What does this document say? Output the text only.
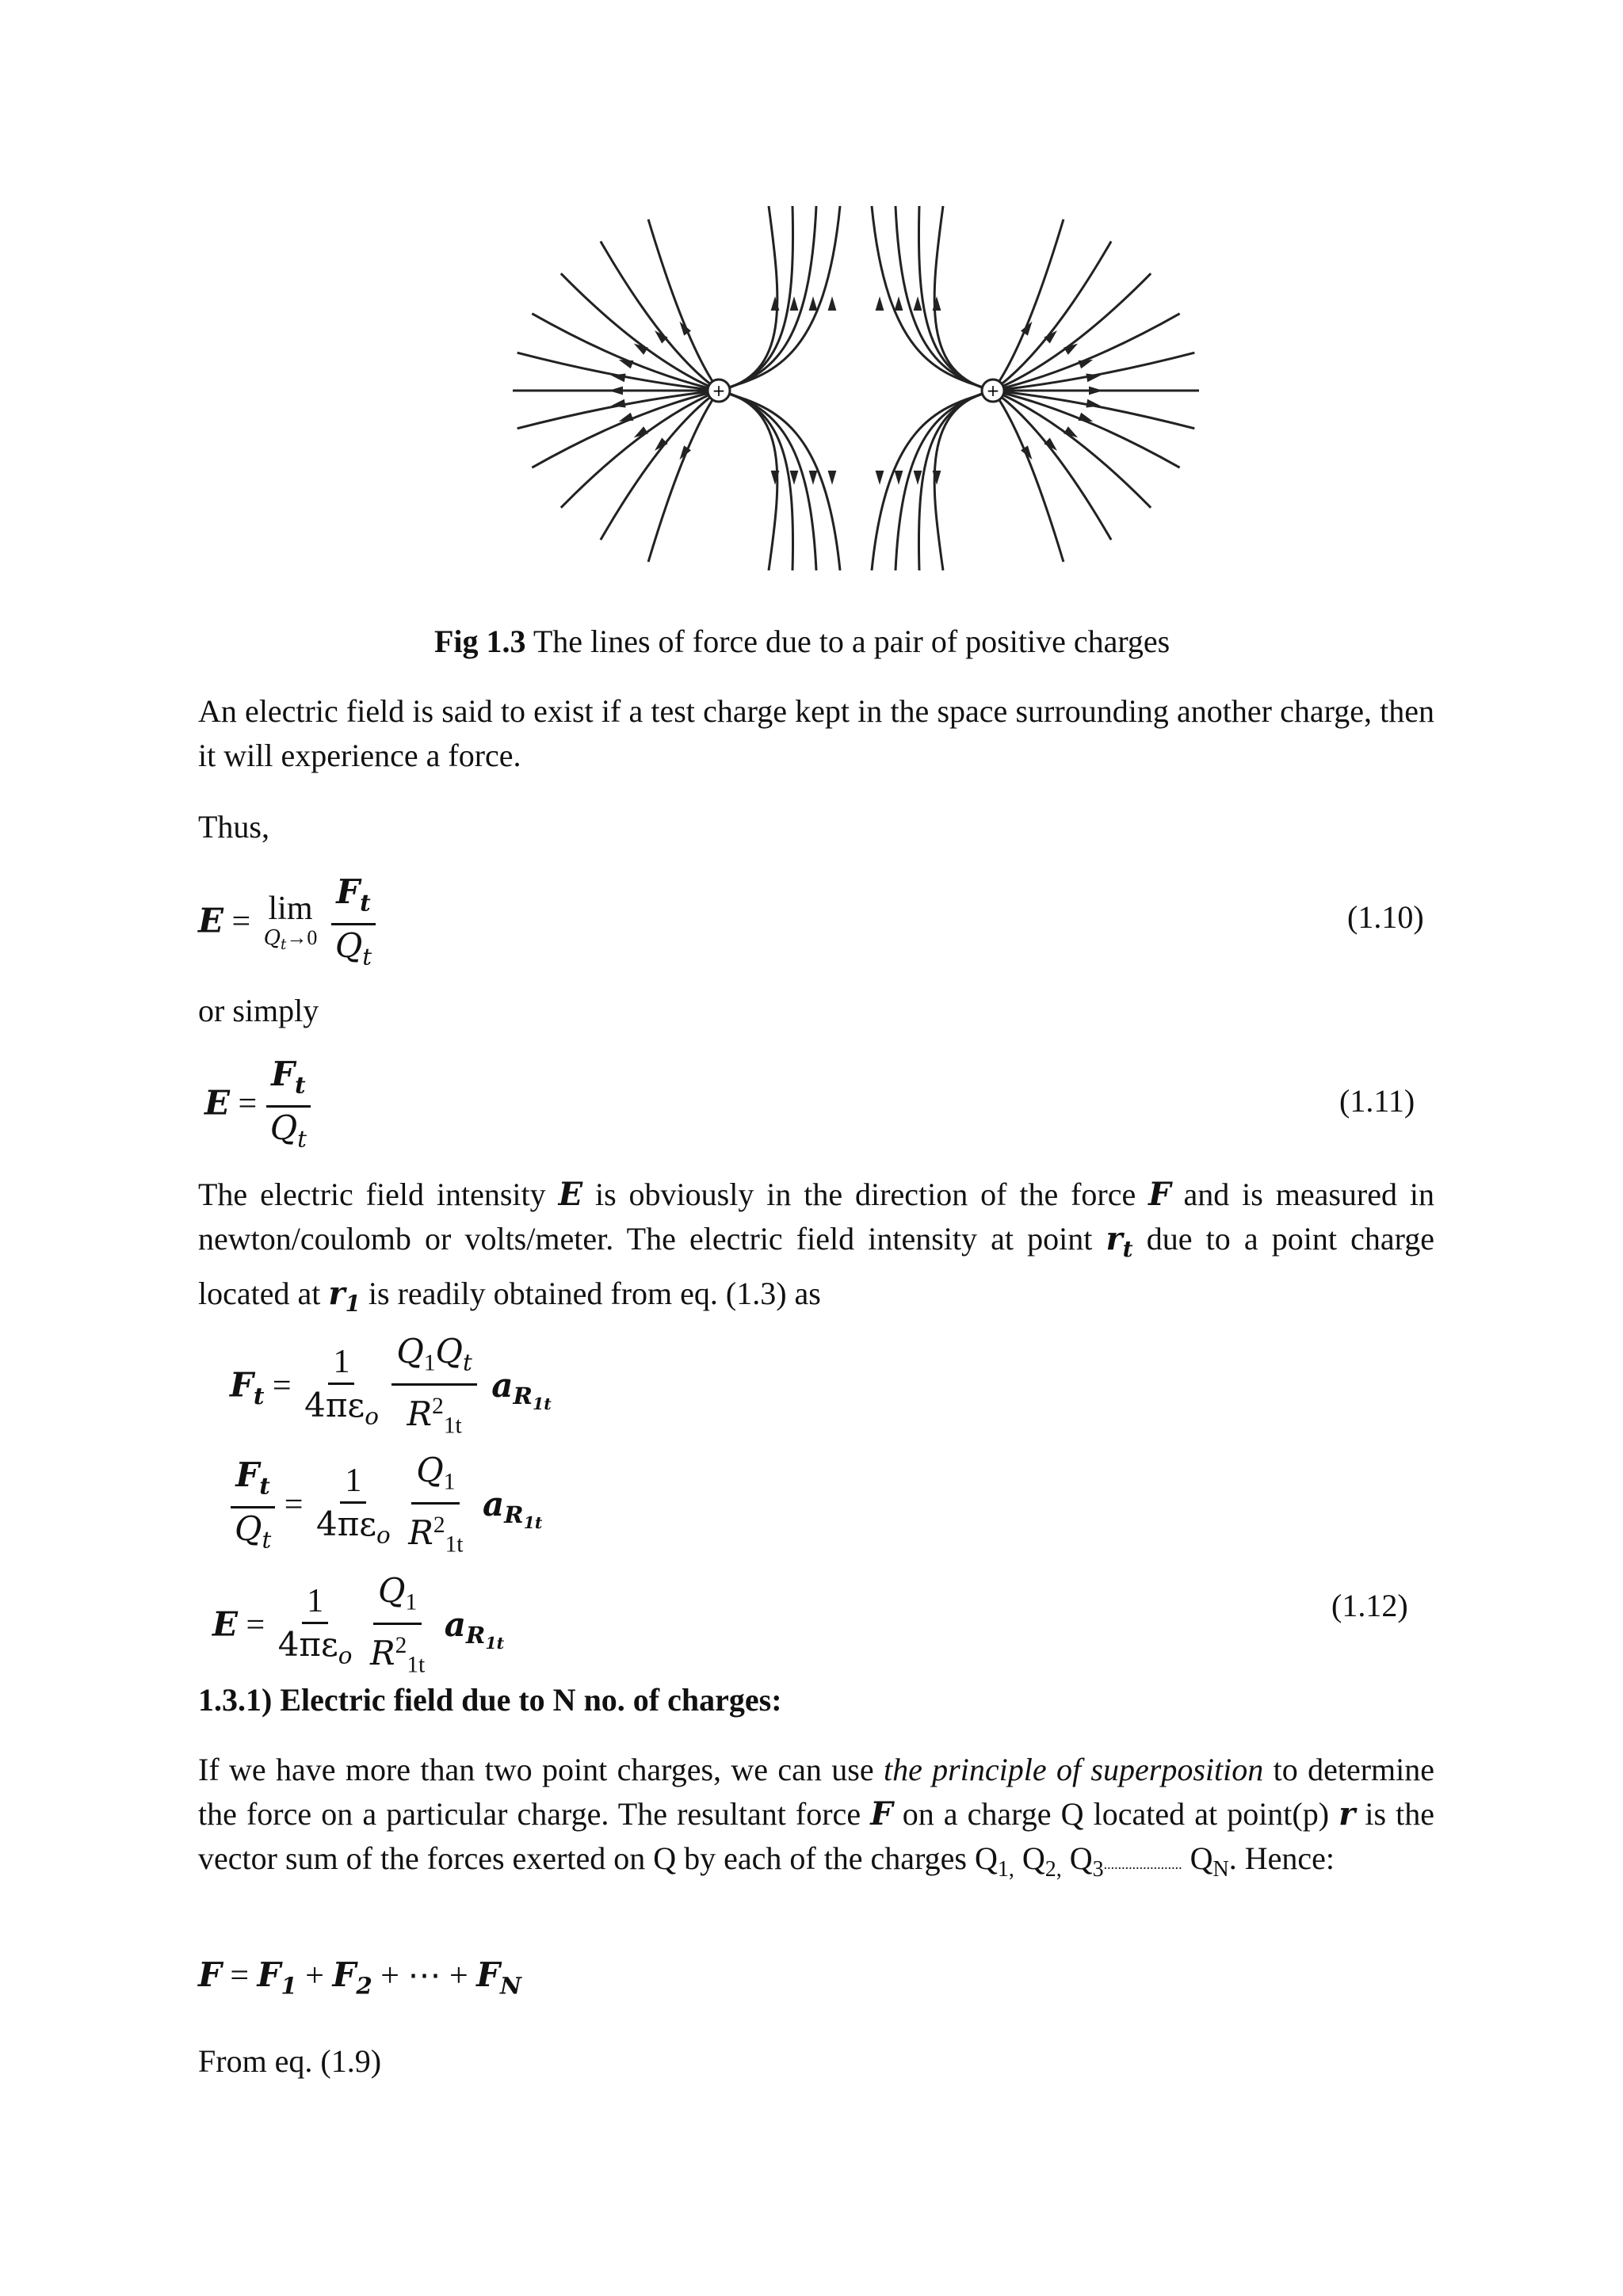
+	+
Fig 1.3 The lines of force due to a pair of positive charges
An electric field is said to exist if a test charge kept in the space surrounding another charge, then it will experience a force.
Thus,
E = lim
$Q_t\to 0$
$\frac{F_t}{Q_t}$	(1.10)
or simply
$E = \frac{F_t}{Q_t}$	(1.11)
The electric field intensity E is obviously in the direction of the force F and is measured in newton/coulomb or volts/meter. The electric field intensity at point $r_t$ due to a point charge located at $r_1$ is readily obtained from eq. (1.3) as
$F_t = \frac{1}{4\pi\varepsilon_o}$
$\frac{Q_1Q_t}{R^2_{1t}} a_{R_{1t}}$
$\frac{F_t}{Q_t} = \frac{1}{4\pi\varepsilon_o}$
$\frac{Q_1}{R^2_{1t}} a_{R_{1t}}$
$E = \frac{1}{4\pi\varepsilon_o}$
$\frac{Q_1}{R^2_{1t}} a_{R_{1t}}$
(1.12)
1.3.1) Electric field due to N no. of charges:
If we have more than two point charges, we can use the principle of superposition to determine the force on a particular charge. The resultant force F on a charge Q located at point(p) r is the vector sum of the forces exerted on Q by each of the charges $Q_{1,}$ $Q_{2,}$ $Q_3$...................... $Q_N$. Hence:
$F = F_1 + F_2$ + ⋯ + $F_N$
From eq. (1.9)
